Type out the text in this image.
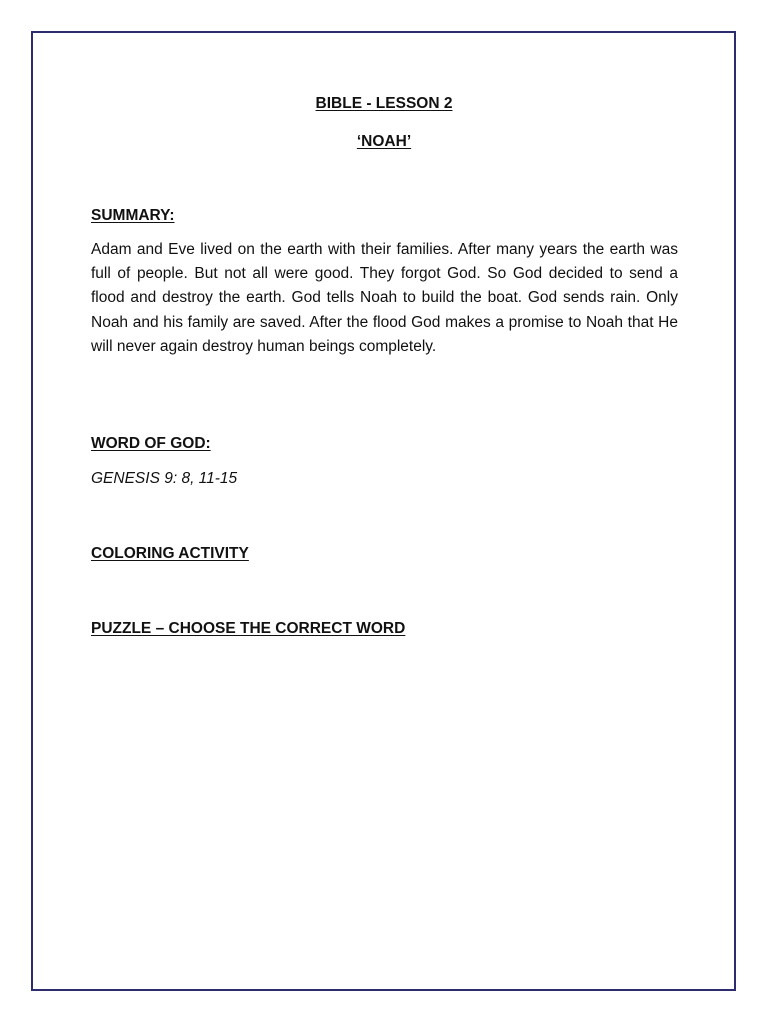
BIBLE - LESSON 2
‘NOAH’
SUMMARY:

Adam and Eve lived on the earth with their families. After many years the earth was full of people. But not all were good. They forgot God. So God decided to send a flood and destroy the earth. God tells Noah to build the boat. God sends rain. Only Noah and his family are saved. After the flood God makes a promise to Noah that He will never again destroy human beings completely.

WORD OF GOD:
GENESIS 9: 8, 11-15
COLORING ACTIVITY
PUZZLE – CHOOSE THE CORRECT WORD
